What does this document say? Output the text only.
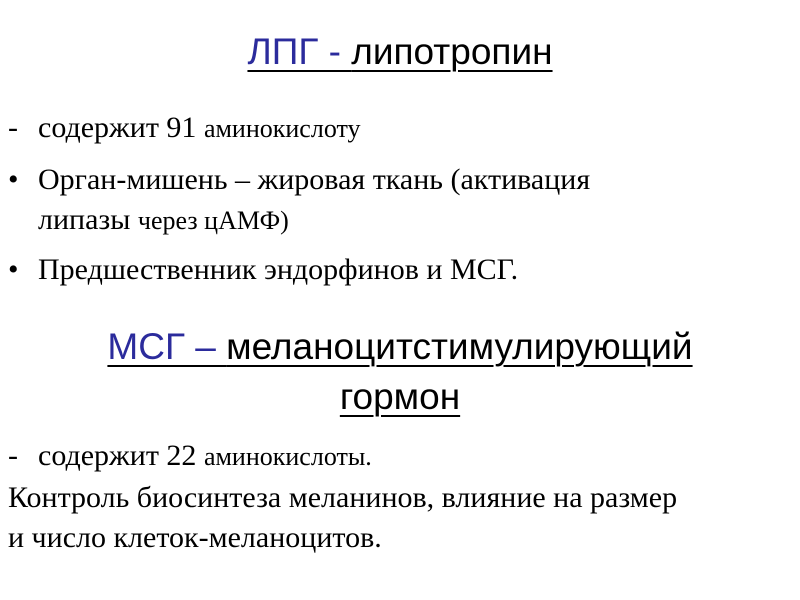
ЛПГ - липотропин
- содержит 91 аминокислоту
• Орган-мишень – жировая ткань (активация
липазы через цАМФ)
• Предшественник эндорфинов и МСГ.
МСГ – меланоцитстимулирующий
гормон
- содержит 22 аминокислоты.
Контроль биосинтеза меланинов, влияние на размер
и число клеток-меланоцитов.
